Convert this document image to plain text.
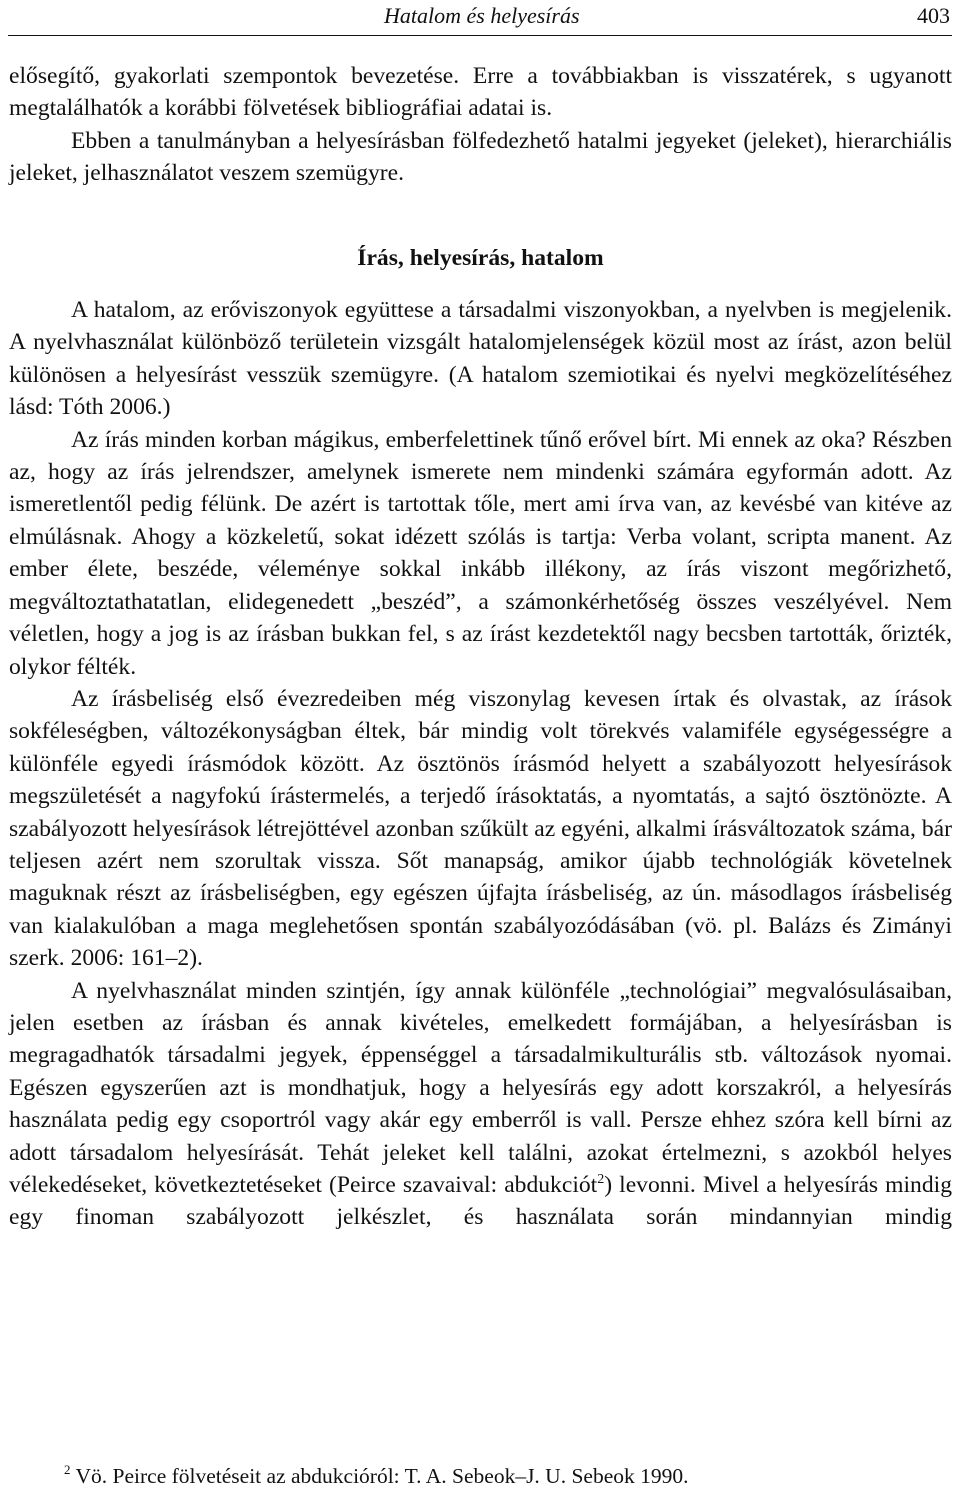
Hatalom és helyesírás	403

elősegítő, gyakorlati szempontok bevezetése. Erre a továbbiakban is visszatérek, s ugyanott megtalálhatók a korábbi fölvetések bibliográfiai adatai is.

Ebben a tanulmányban a helyesírásban fölfedezhető hatalmi jegyeket (jeleket), hierarchiális jeleket, jelhasználatot veszem szemügyre.

Írás, helyesírás, hatalom

A hatalom, az erőviszonyok együttese a társadalmi viszonyokban, a nyelvben is megjelenik. A nyelvhasználat különböző területein vizsgált hatalomjelenségek közül most az írást, azon belül különösen a helyesírást vesszük szemügyre. (A hatalom szemiotikai és nyelvi megközelítéséhez lásd: Tóth 2006.)

Az írás minden korban mágikus, emberfelettinek tűnő erővel bírt. Mi ennek az oka? Részben az, hogy az írás jelrendszer, amelynek ismerete nem mindenki számára egyformán adott. Az ismeretlentől pedig félünk. De azért is tartottak tőle, mert ami írva van, az kevésbé van kitéve az elmúlásnak. Ahogy a közkeletű, sokat idézett szólás is tartja: Verba volant, scripta manent. Az ember élete, beszéde, véleménye sokkal inkább illékony, az írás viszont megőrizhető, megváltoztathatatlan, elidegenedett „beszéd”, a számonkérhetőség összes veszélyével. Nem véletlen, hogy a jog is az írásban bukkan fel, s az írást kezdetektől nagy becsben tartották, őrizték, olykor félték.

Az írásbeliség első évezredeiben még viszonylag kevesen írtak és olvastak, az írások sokféleségben, változékonyságban éltek, bár mindig volt törekvés valamiféle egységességre a különféle egyedi írásmódok között. Az ösztönös írásmód helyett a szabályozott helyesírások megszületését a nagyfokú írástermelés, a terjedő írásoktatás, a nyomtatás, a sajtó ösztönözte. A szabályozott helyesírások létrejöttével azonban szűkült az egyéni, alkalmi írásváltozatok száma, bár teljesen azért nem szorultak vissza. Sőt manapság, amikor újabb technológiák követelnek maguknak részt az írásbeliségben, egy egészen újfajta írásbeliség, az ún. másodlagos írásbeliség van kialakulóban a maga meglehetősen spontán szabályozódásában (vö. pl. Balázs és Zimányi szerk. 2006: 161–2).

A nyelvhasználat minden szintjén, így annak különféle „technológiai” megvalósulásaiban, jelen esetben az írásban és annak kivételes, emelkedett formájában, a helyesírásban is megragadhatók társadalmi jegyek, éppenséggel a társadalmikulturális stb. változások nyomai. Egészen egyszerűen azt is mondhatjuk, hogy a helyesírás egy adott korszakról, a helyesírás használata pedig egy csoportról vagy akár egy emberről is vall. Persze ehhez szóra kell bírni az adott társadalom helyesírását. Tehát jeleket kell találni, azokat értelmezni, s azokból helyes vélekedéseket, következtetéseket (Peirce szavaival: abdukciót$^2$) levonni. Mivel a helyesírás mindig egy finoman szabályozott jelkészlet, és használata során mindannyian mindig

$^2$ Vö. Peirce fölvetéseit az abdukcióról: T. A. Sebeok–J. U. Sebeok 1990.
